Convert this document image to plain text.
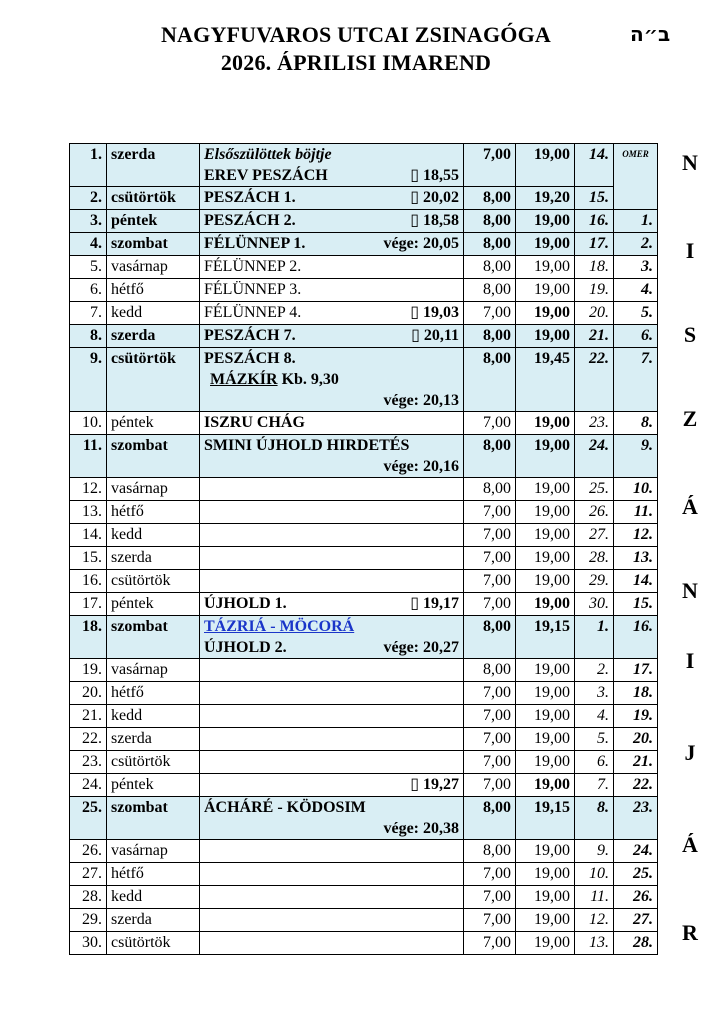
NAGYFUVAROS UTCAI ZSINAGÓGA
2026. ÁPRILISI IMAREND
ב״ה
1.	szerda	Elsőszülöttek böjtje
EREV PESZÁCH ▯ 18,55	7,00	19,00	14.	OMER
2.	csütörtök	PESZÁCH 1. ▯ 20,02	8,00	19,20	15.	
3.	péntek	PESZÁCH 2. ▯ 18,58	8,00	19,00	16.	1.
4.	szombat	FÉLÜNNEP 1. vége: 20,05	8,00	19,00	17.	2.
5.	vasárnap	FÉLÜNNEP 2.	8,00	19,00	18.	3.
6.	hétfő	FÉLÜNNEP 3.	8,00	19,00	19.	4.
7.	kedd	FÉLÜNNEP 4. ▯ 19,03	7,00	19,00	20.	5.
8.	szerda	PESZÁCH 7. ▯ 20,11	8,00	19,00	21.	6.
9.	csütörtök	PESZÁCH 8.
MÁZKÍR Kb. 9,30
vége: 20,13	8,00	19,45	22.	7.
10.	péntek	ISZRU CHÁG	7,00	19,00	23.	8.
11.	szombat	SMINI ÚJHOLD HIRDETÉS
vége: 20,16	8,00	19,00	24.	9.
12.	vasárnap		8,00	19,00	25.	10.
13.	hétfő		7,00	19,00	26.	11.
14.	kedd		7,00	19,00	27.	12.
15.	szerda		7,00	19,00	28.	13.
16.	csütörtök		7,00	19,00	29.	14.
17.	péntek	ÚJHOLD 1. ▯ 19,17	7,00	19,00	30.	15.
18.	szombat	TÁZRIÁ - MÖCORÁ
ÚJHOLD 2. vége: 20,27	8,00	19,15	1.	16.
19.	vasárnap		8,00	19,00	2.	17.
20.	hétfő		7,00	19,00	3.	18.
21.	kedd		7,00	19,00	4.	19.
22.	szerda		7,00	19,00	5.	20.
23.	csütörtök		7,00	19,00	6.	21.
24.	péntek	▯ 19,27	7,00	19,00	7.	22.
25.	szombat	ÁCHÁRÉ - KÖDOSIM
vége: 20,38	8,00	19,15	8.	23.
26.	vasárnap		8,00	19,00	9.	24.
27.	hétfő		7,00	19,00	10.	25.
28.	kedd		7,00	19,00	11.	26.
29.	szerda		7,00	19,00	12.	27.
30.	csütörtök		7,00	19,00	13.	28.
N
I
S
Z
Á
N
I
J
Á
R
